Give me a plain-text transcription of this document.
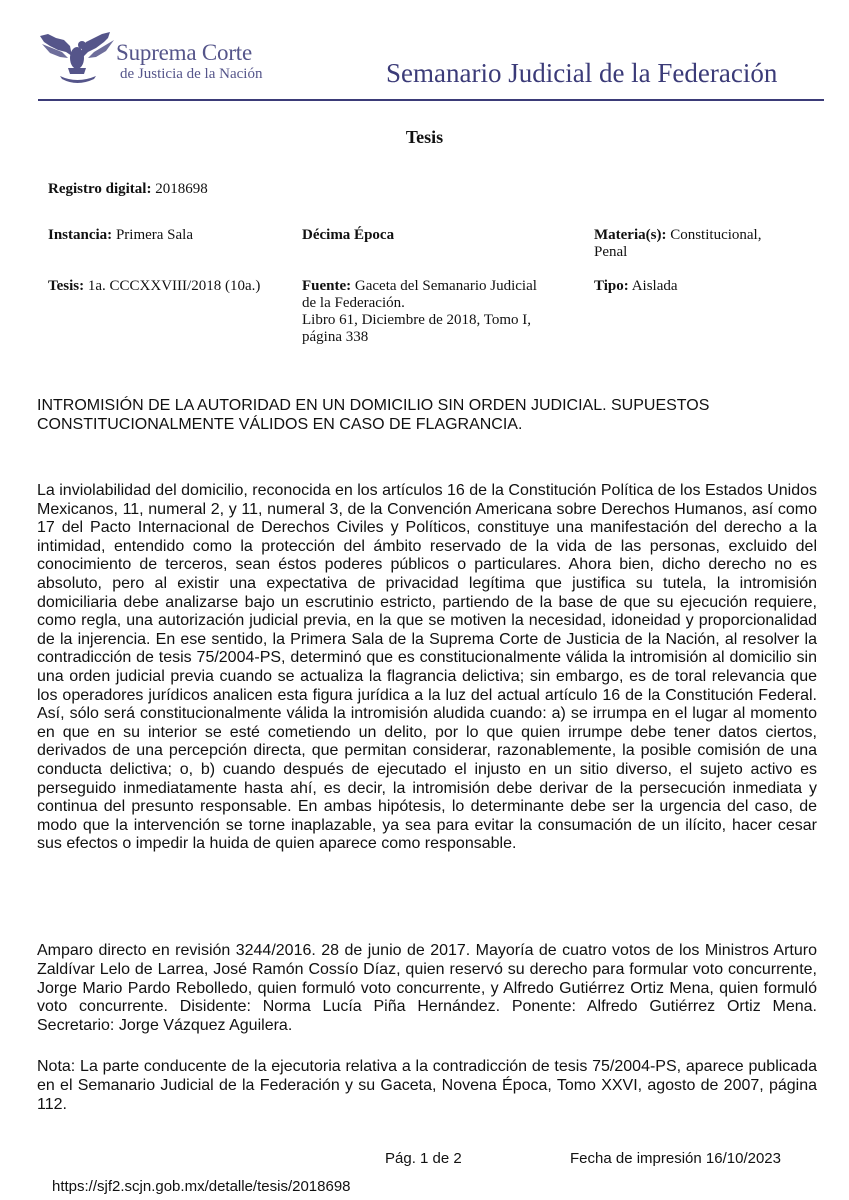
Suprema Corte
de Justicia de la Nación	Semanario Judicial de la Federación
Tesis
Registro digital: 2018698
Instancia: Primera Sala	Décima Época	Materia(s): Constitucional,
Penal
Tesis: 1a. CCCXXVIII/2018 (10a.)	Fuente: Gaceta del Semanario Judicial
de la Federación.
Libro 61, Diciembre de 2018, Tomo I,
página 338
Tipo: Aislada
INTROMISIÓN DE LA AUTORIDAD EN UN DOMICILIO SIN ORDEN JUDICIAL. SUPUESTOS CONSTITUCIONALMENTE VÁLIDOS EN CASO DE FLAGRANCIA.
La inviolabilidad del domicilio, reconocida en los artículos 16 de la Constitución Política de los Estados Unidos Mexicanos, 11, numeral 2, y 11, numeral 3, de la Convención Americana sobre Derechos Humanos, así como 17 del Pacto Internacional de Derechos Civiles y Políticos, constituye una manifestación del derecho a la intimidad, entendido como la protección del ámbito reservado de la vida de las personas, excluido del conocimiento de terceros, sean éstos poderes públicos o particulares. Ahora bien, dicho derecho no es absoluto, pero al existir una expectativa de privacidad legítima que justifica su tutela, la intromisión domiciliaria debe analizarse bajo un escrutinio estricto, partiendo de la base de que su ejecución requiere, como regla, una autorización judicial previa, en la que se motiven la necesidad, idoneidad y proporcionalidad de la injerencia. En ese sentido, la Primera Sala de la Suprema Corte de Justicia de la Nación, al resolver la contradicción de tesis 75/2004-PS, determinó que es constitucionalmente válida la intromisión al domicilio sin una orden judicial previa cuando se actualiza la flagrancia delictiva; sin embargo, es de toral relevancia que los operadores jurídicos analicen esta figura jurídica a la luz del actual artículo 16 de la Constitución Federal. Así, sólo será constitucionalmente válida la intromisión aludida cuando: a) se irrumpa en el lugar al momento en que en su interior se esté cometiendo un delito, por lo que quien irrumpe debe tener datos ciertos, derivados de una percepción directa, que permitan considerar, razonablemente, la posible comisión de una conducta delictiva; o, b) cuando después de ejecutado el injusto en un sitio diverso, el sujeto activo es perseguido inmediatamente hasta ahí, es decir, la intromisión debe derivar de la persecución inmediata y continua del presunto responsable. En ambas hipótesis, lo determinante debe ser la urgencia del caso, de modo que la intervención se torne inaplazable, ya sea para evitar la consumación de un ilícito, hacer cesar sus efectos o impedir la huida de quien aparece como responsable.
Amparo directo en revisión 3244/2016. 28 de junio de 2017. Mayoría de cuatro votos de los Ministros Arturo Zaldívar Lelo de Larrea, José Ramón Cossío Díaz, quien reservó su derecho para formular voto concurrente, Jorge Mario Pardo Rebolledo, quien formuló voto concurrente, y Alfredo Gutiérrez Ortiz Mena, quien formuló voto concurrente. Disidente: Norma Lucía Piña Hernández. Ponente: Alfredo Gutiérrez Ortiz Mena. Secretario: Jorge Vázquez Aguilera.
Nota: La parte conducente de la ejecutoria relativa a la contradicción de tesis 75/2004-PS, aparece publicada en el Semanario Judicial de la Federación y su Gaceta, Novena Época, Tomo XXVI, agosto de 2007, página 112.
Pág. 1 de 2	Fecha de impresión 16/10/2023
https://sjf2.scjn.gob.mx/detalle/tesis/2018698
